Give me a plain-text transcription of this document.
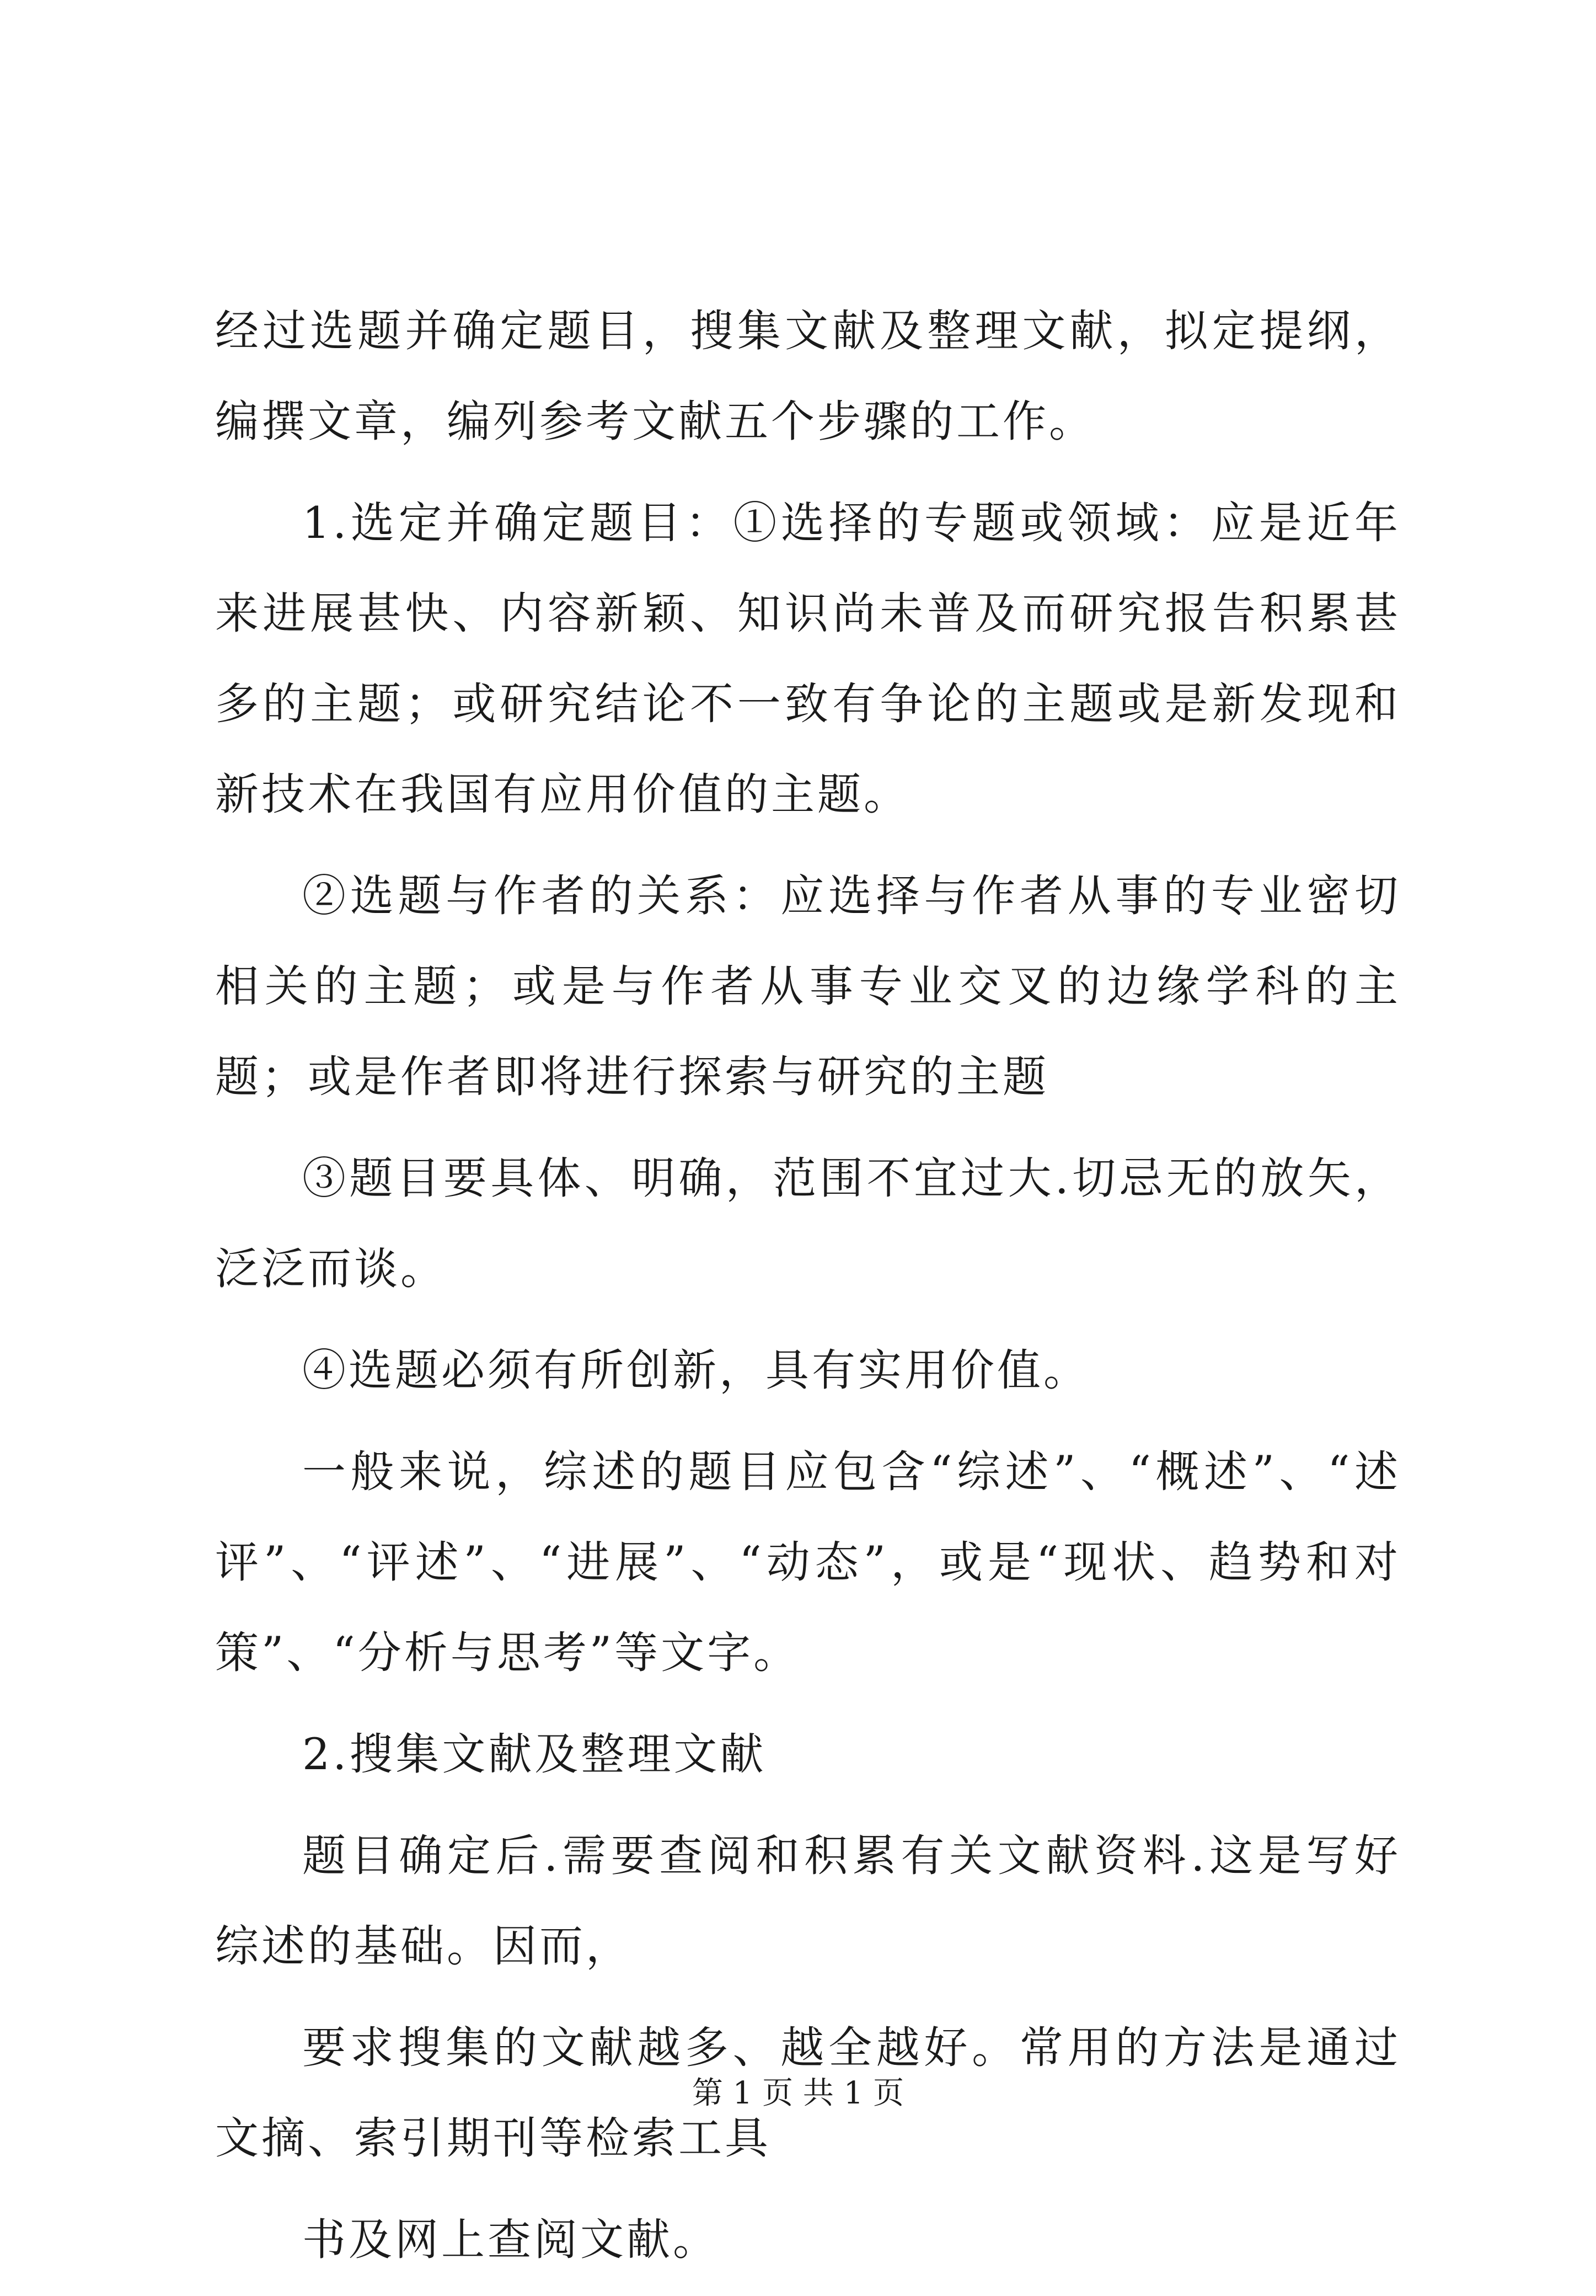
经过选题并确定题目，搜集文献及整理文献，拟定提纲，编撰文章，编列参考文献五个步骤的工作。

1.选定并确定题目：①选择的专题或领域：应是近年来进展甚快、内容新颖、知识尚未普及而研究报告积累甚多的主题；或研究结论不一致有争论的主题或是新发现和新技术在我国有应用价值的主题。

②选题与作者的关系：应选择与作者从事的专业密切相关的主题；或是与作者从事专业交叉的边缘学科的主题；或是作者即将进行探索与研究的主题

③题目要具体、明确，范围不宜过大.切忌无的放矢，泛泛而谈。

④选题必须有所创新，具有实用价值。

一般来说，综述的题目应包含“综述”、“概述”、“述评”、“评述”、“进展”、“动态”，或是“现状、趋势和对策”、“分析与思考”等文字。

2.搜集文献及整理文献

题目确定后.需要查阅和积累有关文献资料.这是写好综述的基础。因而，

要求搜集的文献越多、越全越好。常用的方法是通过文摘、索引期刊等检索工具

书及网上查阅文献。

第 1 页 共 1 页
